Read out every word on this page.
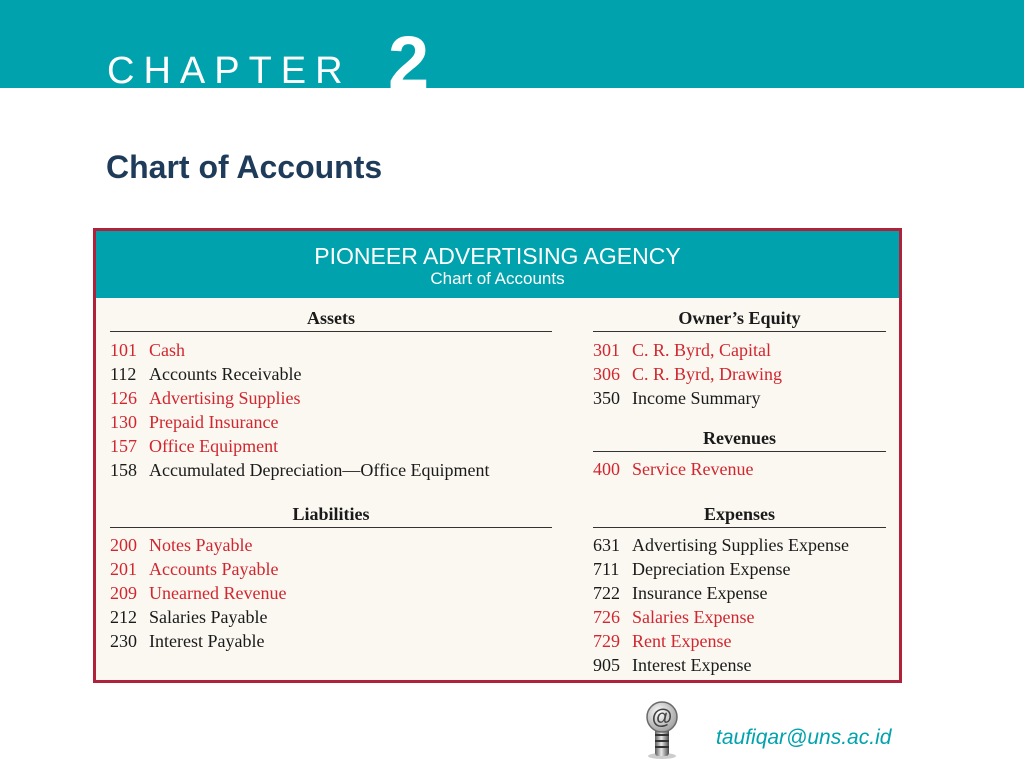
CHAPTER 2
Chart of Accounts
PIONEER ADVERTISING AGENCY
Chart of Accounts
Assets
101 Cash
112 Accounts Receivable
126 Advertising Supplies
130 Prepaid Insurance
157 Office Equipment
158 Accumulated Depreciation—Office Equipment
Liabilities
200 Notes Payable
201 Accounts Payable
209 Unearned Revenue
212 Salaries Payable
230 Interest Payable
Owner’s Equity
301 C. R. Byrd, Capital
306 C. R. Byrd, Drawing
350 Income Summary
Revenues
400 Service Revenue
Expenses
631 Advertising Supplies Expense
711 Depreciation Expense
722 Insurance Expense
726 Salaries Expense
729 Rent Expense
905 Interest Expense
@
taufiqar@uns.ac.id
